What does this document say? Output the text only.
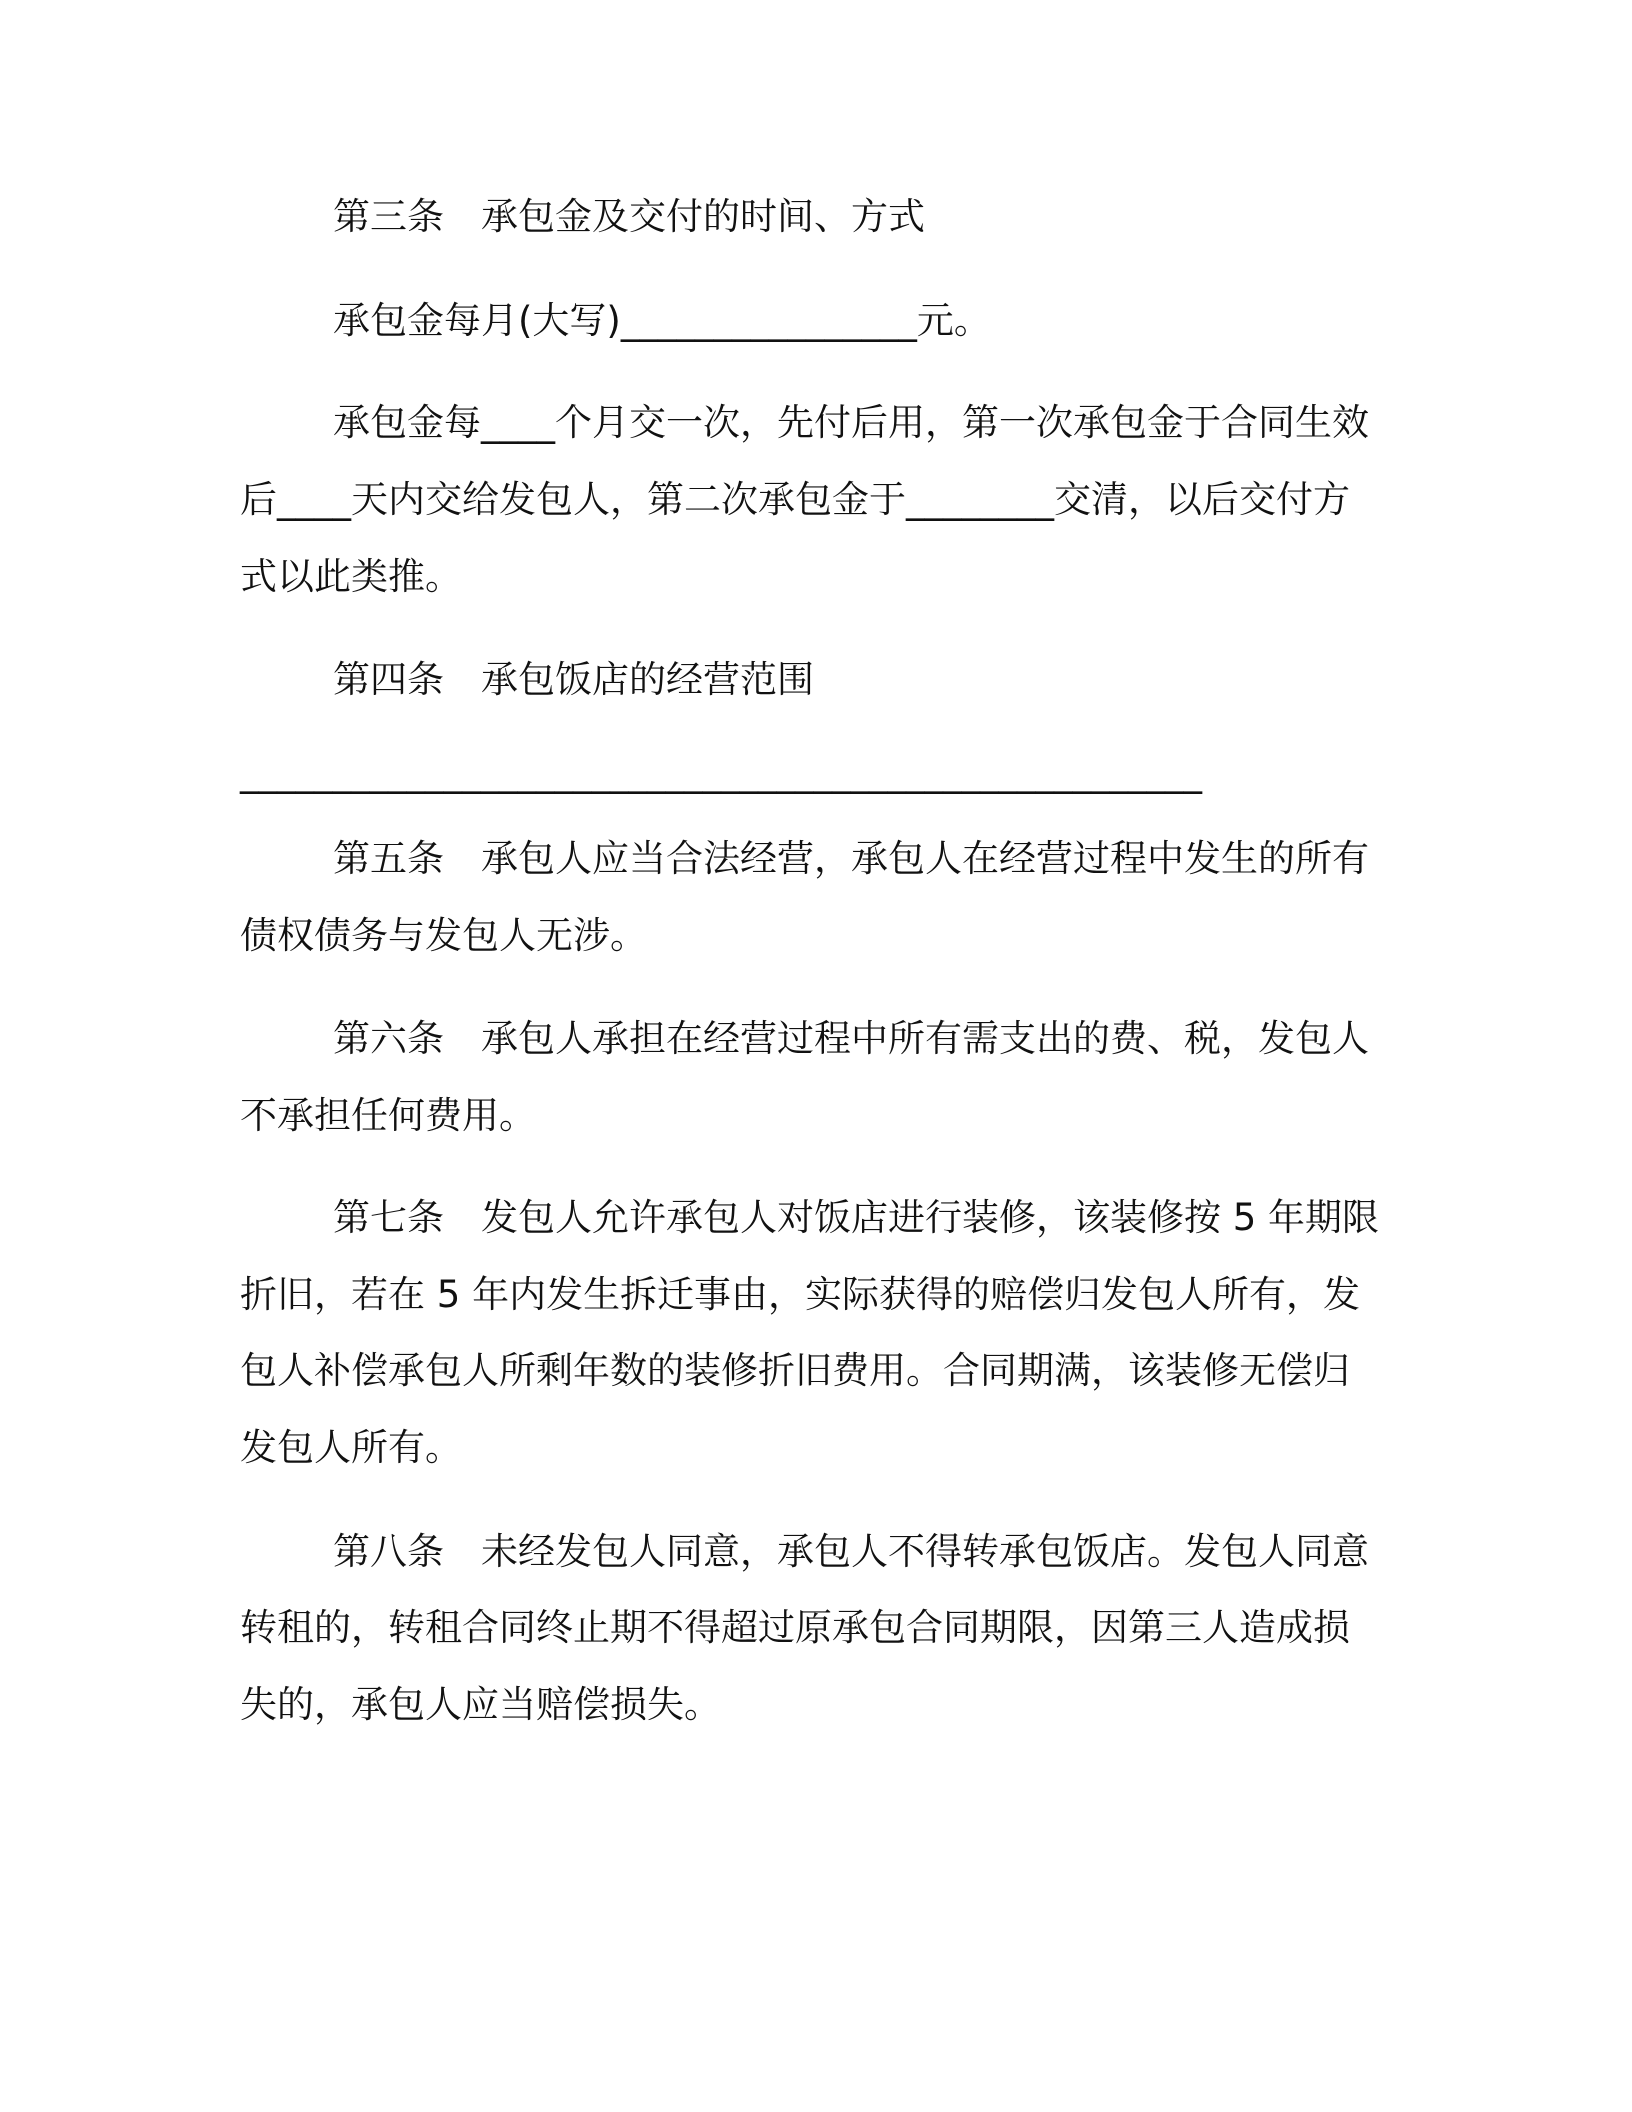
第三条　承包金及交付的时间、方式
承包金每月(大写)________________元。
承包金每____个月交一次，先付后用，第一次承包金于合同生效
后____天内交给发包人，第二次承包金于________交清，以后交付方
式以此类推。
第四条　承包饭店的经营范围
____________________________________________________
第五条　承包人应当合法经营，承包人在经营过程中发生的所有
债权债务与发包人无涉。
第六条　承包人承担在经营过程中所有需支出的费、税，发包人
不承担任何费用。
第七条　发包人允许承包人对饭店进行装修，该装修按 5 年期限
折旧，若在 5 年内发生拆迁事由，实际获得的赔偿归发包人所有，发
包人补偿承包人所剩年数的装修折旧费用。合同期满，该装修无偿归
发包人所有。
第八条　未经发包人同意，承包人不得转承包饭店。发包人同意
转租的，转租合同终止期不得超过原承包合同期限，因第三人造成损
失的，承包人应当赔偿损失。
